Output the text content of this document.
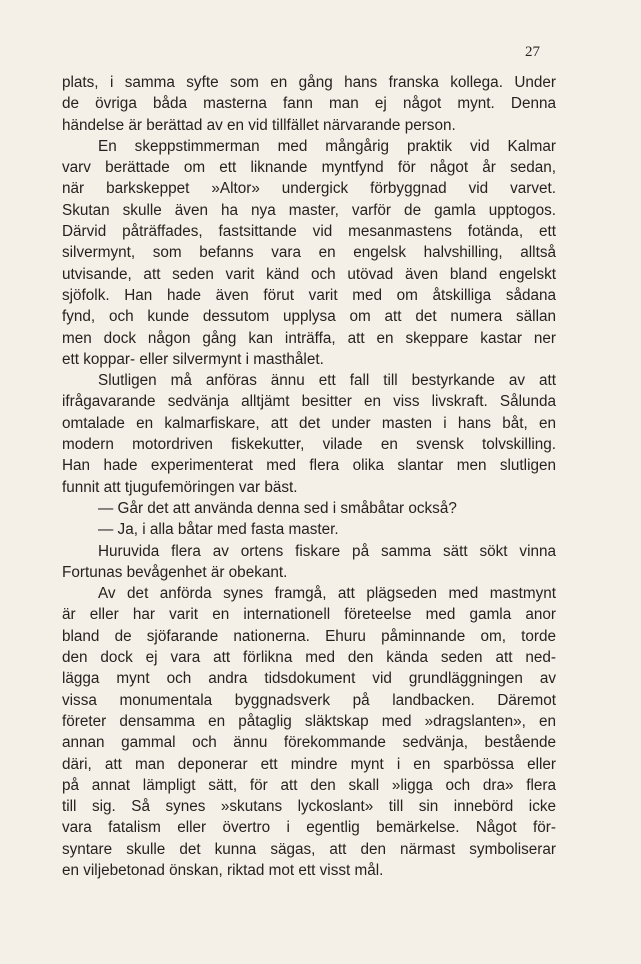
27
plats, i samma syfte som en gång hans franska kollega. Under
de övriga båda masterna fann man ej något mynt. Denna
händelse är berättad av en vid tillfället närvarande person.
En skeppstimmerman med mångårig praktik vid Kalmar
varv berättade om ett liknande myntfynd för något år sedan,
när barkskeppet »Altor» undergick förbyggnad vid varvet.
Skutan skulle även ha nya master, varför de gamla upptogos.
Därvid påträffades, fastsittande vid mesanmastens fotända, ett
silvermynt, som befanns vara en engelsk halvshilling, alltså
utvisande, att seden varit känd och utövad även bland engelskt
sjöfolk. Han hade även förut varit med om åtskilliga sådana
fynd, och kunde dessutom upplysa om att det numera sällan
men dock någon gång kan inträffa, att en skeppare kastar ner
ett koppar- eller silvermynt i masthålet.
Slutligen må anföras ännu ett fall till bestyrkande av att
ifrågavarande sedvänja alltjämt besitter en viss livskraft. Sålunda
omtalade en kalmarfiskare, att det under masten i hans båt, en
modern motordriven fiskekutter, vilade en svensk tolvskilling.
Han hade experimenterat med flera olika slantar men slutligen
funnit att tjugufemöringen var bäst.
— Går det att använda denna sed i småbåtar också?
— Ja, i alla båtar med fasta master.
Huruvida flera av ortens fiskare på samma sätt sökt vinna
Fortunas bevågenhet är obekant.
Av det anförda synes framgå, att plägseden med mastmynt
är eller har varit en internationell företeelse med gamla anor
bland de sjöfarande nationerna. Ehuru påminnande om, torde
den dock ej vara att förlikna med den kända seden att ned-
lägga mynt och andra tidsdokument vid grundläggningen av
vissa monumentala byggnadsverk på landbacken. Däremot
företer densamma en påtaglig släktskap med »dragslanten», en
annan gammal och ännu förekommande sedvänja, bestående
däri, att man deponerar ett mindre mynt i en sparbössa eller
på annat lämpligt sätt, för att den skall »ligga och dra» flera
till sig. Så synes »skutans lyckoslant» till sin innebörd icke
vara fatalism eller övertro i egentlig bemärkelse. Något för-
syntare skulle det kunna sägas, att den närmast symboliserar
en viljebetonad önskan, riktad mot ett visst mål.
